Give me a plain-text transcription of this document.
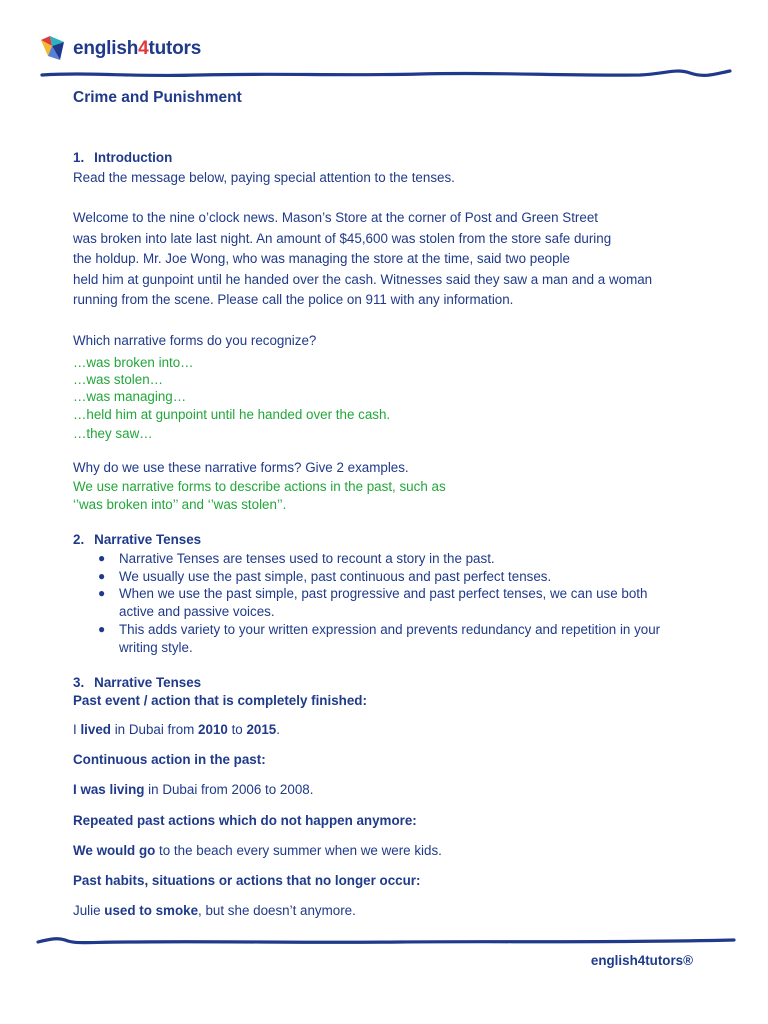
english4tutors
Crime and Punishment
1. Introduction
Read the message below, paying special attention to the tenses.
Welcome to the nine o’clock news. Mason’s Store at the corner of Post and Green Street
was broken into late last night. An amount of $45,600 was stolen from the store safe during
the holdup. Mr. Joe Wong, who was managing the store at the time, said two people
held him at gunpoint until he handed over the cash. Witnesses said they saw a man and a woman
running from the scene. Please call the police on 911 with any information.
Which narrative forms do you recognize?
…was broken into…
…was stolen…
…was managing…
…held him at gunpoint until he handed over the cash.
…they saw…
Why do we use these narrative forms? Give 2 examples.
We use narrative forms to describe actions in the past, such as
‘’was broken into’’ and ‘’was stolen’’.
2. Narrative Tenses
● Narrative Tenses are tenses used to recount a story in the past.
● We usually use the past simple, past continuous and past perfect tenses.
● When we use the past simple, past progressive and past perfect tenses, we can use both active and passive voices.
● This adds variety to your written expression and prevents redundancy and repetition in your writing style.
3. Narrative Tenses
Past event / action that is completely finished:
I lived in Dubai from 2010 to 2015.
Continuous action in the past:
I was living in Dubai from 2006 to 2008.
Repeated past actions which do not happen anymore:
We would go to the beach every summer when we were kids.
Past habits, situations or actions that no longer occur:
Julie used to smoke, but she doesn’t anymore.
english4tutors®
